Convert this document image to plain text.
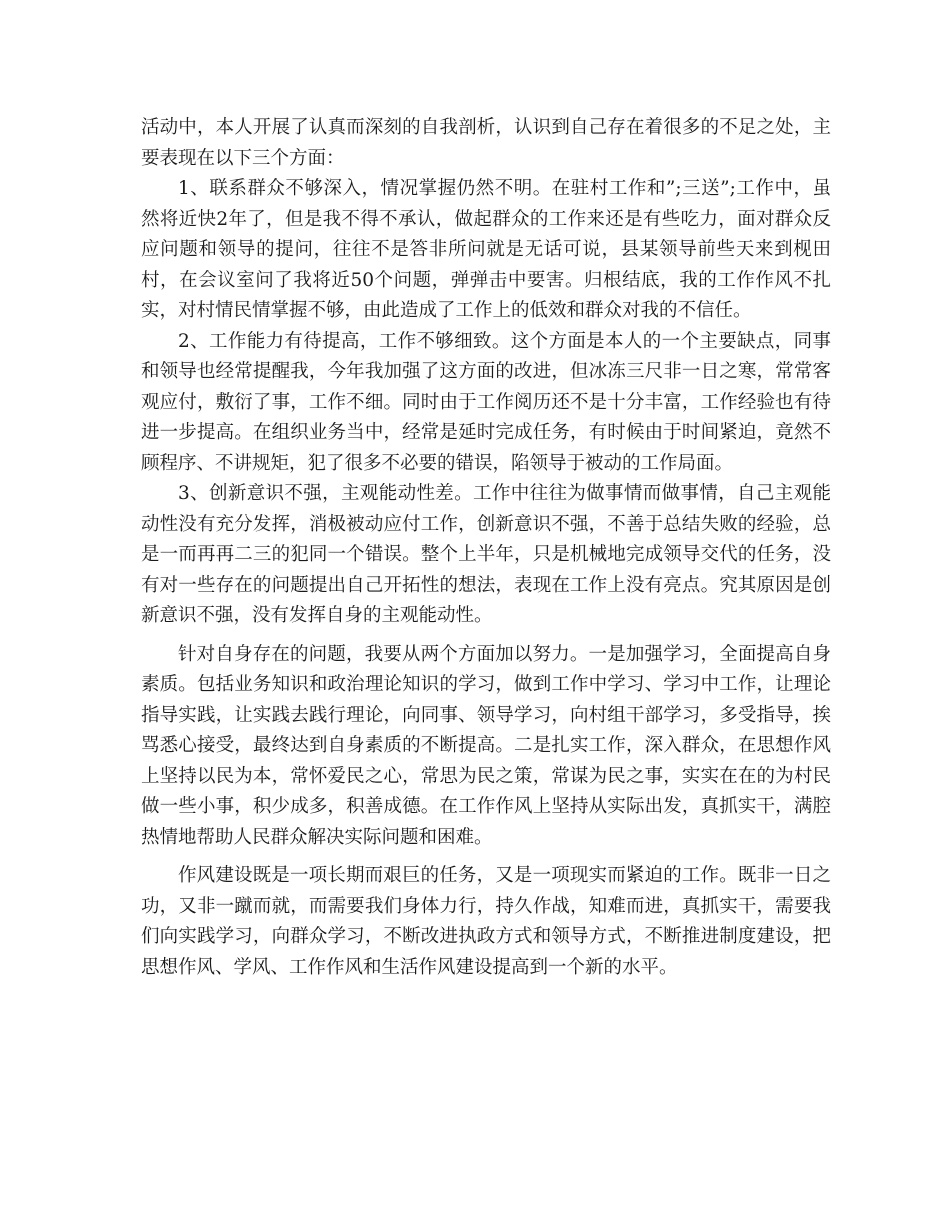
活动中，本人开展了认真而深刻的自我剖析，认识到自己存在着很多的不足之处，主要表现在以下三个方面：

1、联系群众不够深入，情况掌握仍然不明。在驻村工作和”;三送”;工作中，虽然将近快2年了，但是我不得不承认，做起群众的工作来还是有些吃力，面对群众反应问题和领导的提问，往往不是答非所问就是无话可说，县某领导前些天来到枧田村，在会议室问了我将近50个问题，弹弹击中要害。归根结底，我的工作作风不扎实，对村情民情掌握不够，由此造成了工作上的低效和群众对我的不信任。

2、工作能力有待提高，工作不够细致。这个方面是本人的一个主要缺点，同事和领导也经常提醒我，今年我加强了这方面的改进，但冰冻三尺非一日之寒，常常客观应付，敷衍了事，工作不细。同时由于工作阅历还不是十分丰富，工作经验也有待进一步提高。在组织业务当中，经常是延时完成任务，有时候由于时间紧迫，竟然不顾程序、不讲规矩，犯了很多不必要的错误，陷领导于被动的工作局面。

3、创新意识不强，主观能动性差。工作中往往为做事情而做事情，自己主观能动性没有充分发挥，消极被动应付工作，创新意识不强，不善于总结失败的经验，总是一而再再二三的犯同一个错误。整个上半年，只是机械地完成领导交代的任务，没有对一些存在的问题提出自己开拓性的想法，表现在工作上没有亮点。究其原因是创新意识不强，没有发挥自身的主观能动性。

针对自身存在的问题，我要从两个方面加以努力。一是加强学习，全面提高自身素质。包括业务知识和政治理论知识的学习，做到工作中学习、学习中工作，让理论指导实践，让实践去践行理论，向同事、领导学习，向村组干部学习，多受指导，挨骂悉心接受，最终达到自身素质的不断提高。二是扎实工作，深入群众，在思想作风上坚持以民为本，常怀爱民之心，常思为民之策，常谋为民之事，实实在在的为村民做一些小事，积少成多，积善成德。在工作作风上坚持从实际出发，真抓实干，满腔热情地帮助人民群众解决实际问题和困难。

作风建设既是一项长期而艰巨的任务，又是一项现实而紧迫的工作。既非一日之功，又非一蹴而就，而需要我们身体力行，持久作战，知难而进，真抓实干，需要我们向实践学习，向群众学习，不断改进执政方式和领导方式，不断推进制度建设，把思想作风、学风、工作作风和生活作风建设提高到一个新的水平。
